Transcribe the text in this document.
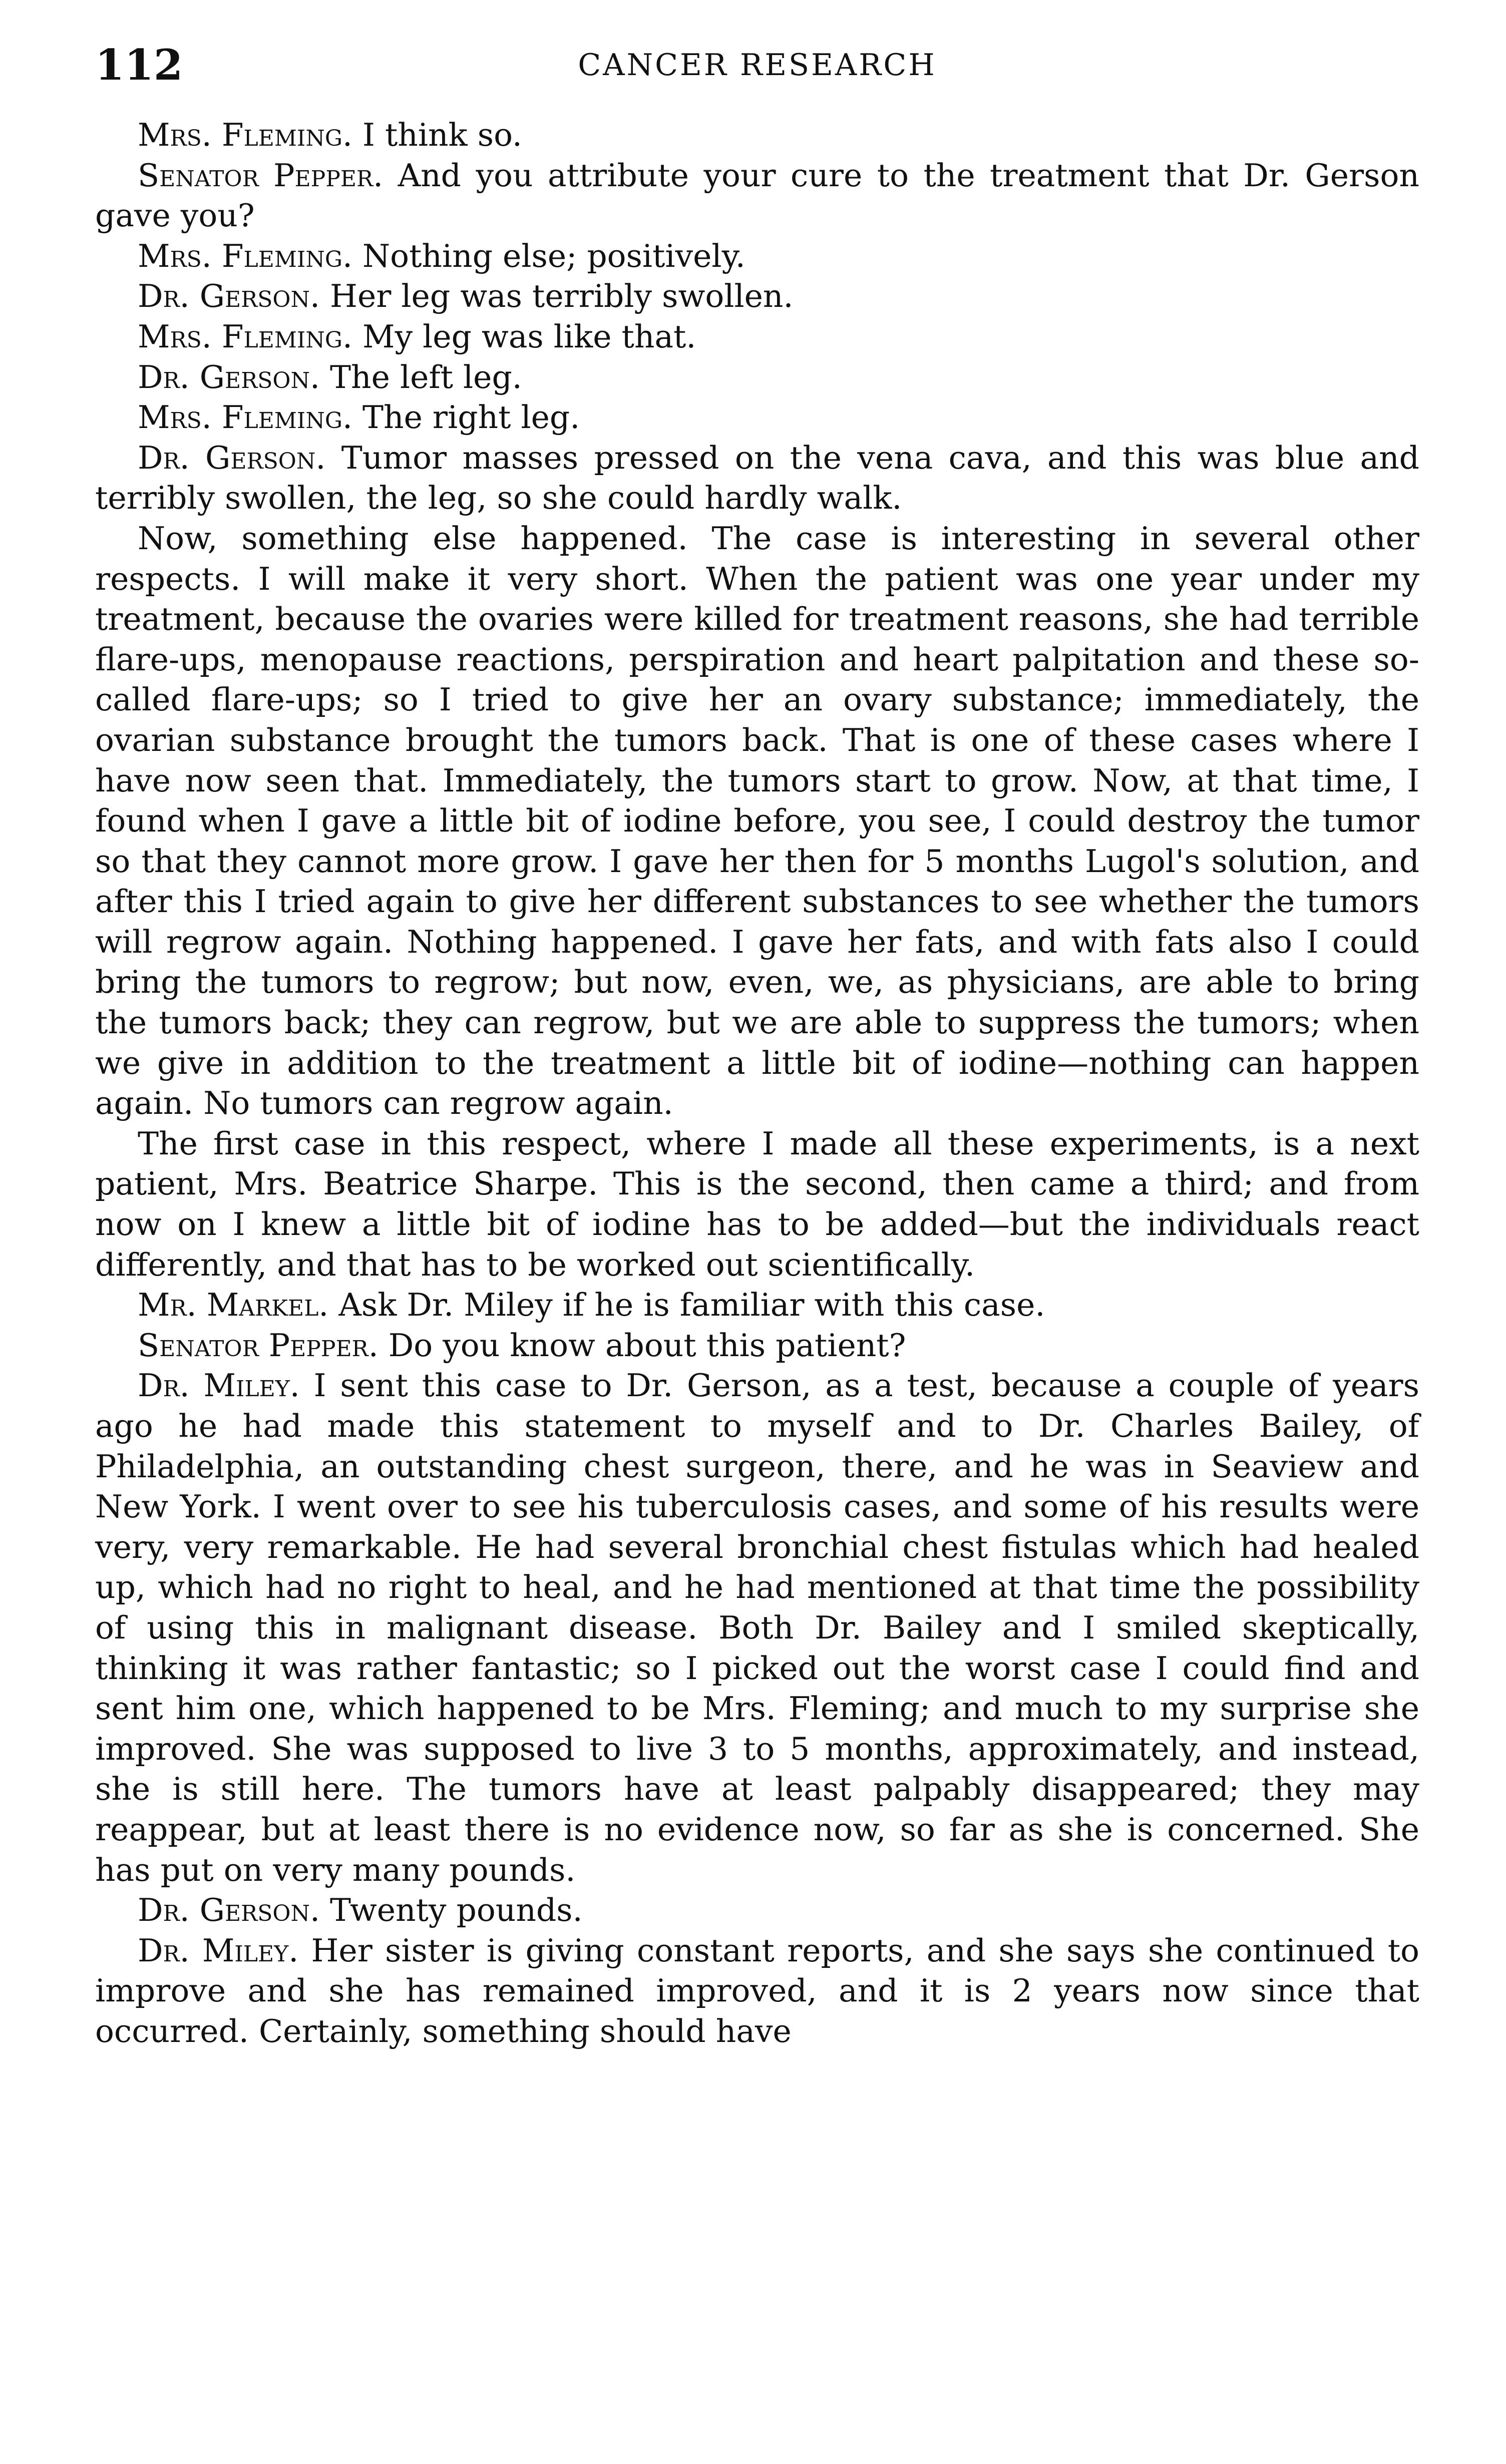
112	CANCER RESEARCH

Mrs. Fleming. I think so.

Senator Pepper. And you attribute your cure to the treatment that Dr. Gerson gave you?

Mrs. Fleming. Nothing else; positively.

Dr. Gerson. Her leg was terribly swollen.

Mrs. Fleming. My leg was like that.

Dr. Gerson. The left leg.

Mrs. Fleming. The right leg.

Dr. Gerson. Tumor masses pressed on the vena cava, and this was blue and terribly swollen, the leg, so she could hardly walk.

Now, something else happened. The case is interesting in several other respects. I will make it very short. When the patient was one year under my treatment, because the ovaries were killed for treatment reasons, she had terrible flare-ups, menopause reactions, perspiration and heart palpitation and these so-called flare-ups; so I tried to give her an ovary substance; immediately, the ovarian substance brought the tumors back. That is one of these cases where I have now seen that. Immediately, the tumors start to grow. Now, at that time, I found when I gave a little bit of iodine before, you see, I could destroy the tumor so that they cannot more grow. I gave her then for 5 months Lugol's solution, and after this I tried again to give her different substances to see whether the tumors will regrow again. Nothing happened. I gave her fats, and with fats also I could bring the tumors to regrow; but now, even, we, as physicians, are able to bring the tumors back; they can regrow, but we are able to suppress the tumors; when we give in addition to the treatment a little bit of iodine—nothing can happen again. No tumors can regrow again.

The first case in this respect, where I made all these experiments, is a next patient, Mrs. Beatrice Sharpe. This is the second, then came a third; and from now on I knew a little bit of iodine has to be added—but the individuals react differently, and that has to be worked out scientifically.

Mr. Markel. Ask Dr. Miley if he is familiar with this case.

Senator Pepper. Do you know about this patient?

Dr. Miley. I sent this case to Dr. Gerson, as a test, because a couple of years ago he had made this statement to myself and to Dr. Charles Bailey, of Philadelphia, an outstanding chest surgeon, there, and he was in Seaview and New York. I went over to see his tuberculosis cases, and some of his results were very, very remarkable. He had several bronchial chest fistulas which had healed up, which had no right to heal, and he had mentioned at that time the possibility of using this in malignant disease. Both Dr. Bailey and I smiled skeptically, thinking it was rather fantastic; so I picked out the worst case I could find and sent him one, which happened to be Mrs. Fleming; and much to my surprise she improved. She was supposed to live 3 to 5 months, approximately, and instead, she is still here. The tumors have at least palpably disappeared; they may reappear, but at least there is no evidence now, so far as she is concerned. She has put on very many pounds.

Dr. Gerson. Twenty pounds.

Dr. Miley. Her sister is giving constant reports, and she says she continued to improve and she has remained improved, and it is 2 years now since that occurred. Certainly, something should have
